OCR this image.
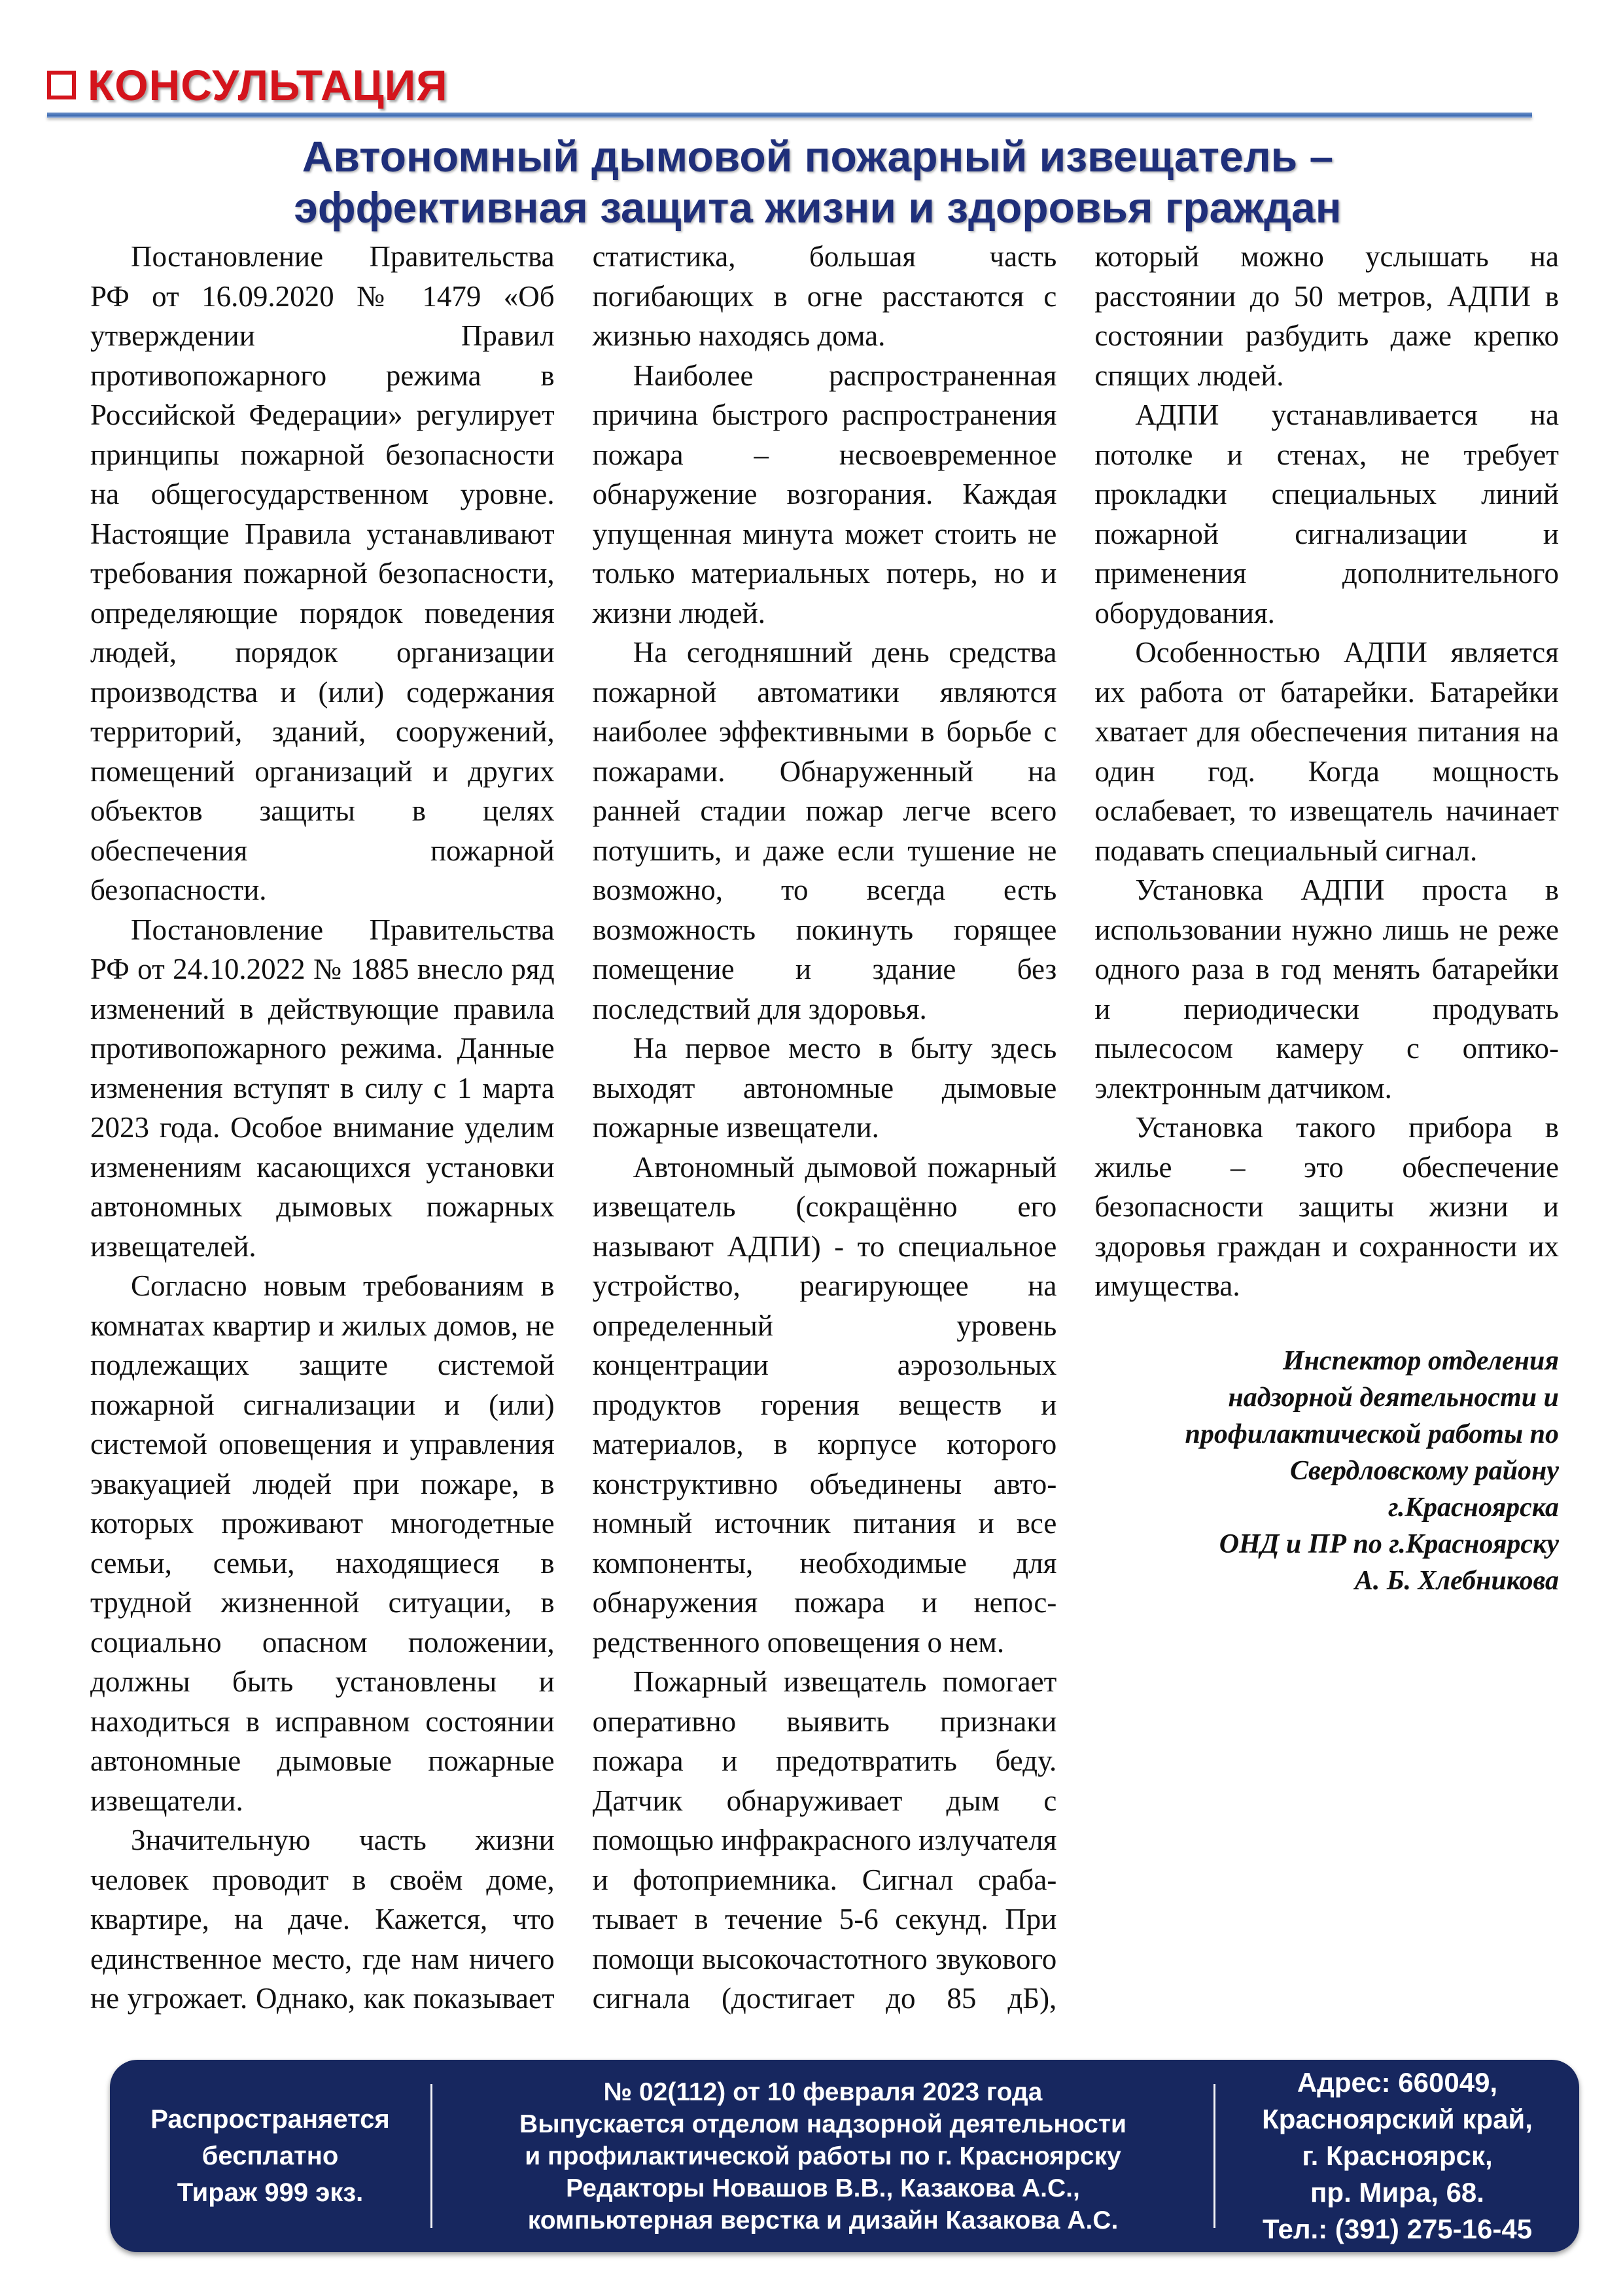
КОНСУЛЬТАЦИЯ
Автономный дымовой пожарный извещатель –
эффективная защита жизни и здоровья граждан

Постановление Правительства РФ от 16.09.2020 № 1479 «Об утверждении Правил противопожарного режима в Российской Федерации» регулирует принципы пожарной безопасности на общегосударственном уровне. Настоящие Правила устанавливают требования пожарной безопасности, определяющие порядок поведения людей, порядок организации производства и (или) содержания территорий, зданий, сооружений, помещений организаций и других объектов защиты в целях обеспечения пожарной безопасности.

Постановление Правительства РФ от 24.10.2022 № 1885 внесло ряд изменений в действующие правила противопожарного режима. Данные изменения вступят в силу с 1 марта 2023 года. Особое внимание уделим изменениям касающихся установки автономных дымовых пожарных извещателей.

Согласно новым требованиям в комнатах квартир и жилых домов, не подлежащих защите системой пожарной сигнализации и (или) системой оповещения и управления эвакуацией людей при пожаре, в которых проживают многодетные семьи, семьи, находящиеся в трудной жизненной ситуации, в социально опасном положении, должны быть установлены и находиться в исправном состоянии автономные дымовые пожарные извещатели.

Значительную часть жизни человек проводит в своём доме, квартире, на даче. Кажется, что единственное место, где нам ничего не угрожает. Однако, как показывает статистика, большая часть погибающих в огне расстаются с жизнью находясь дома.

Наиболее распространенная причина быстрого распространения пожара – несвоевременное обнаружение возгорания. Каждая упущенная минута может стоить не только материальных потерь, но и жизни людей.

На сегодняшний день средства пожарной автоматики являются наиболее эффективными в борьбе с пожарами. Обнаруженный на ранней стадии пожар легче всего потушить, и даже если тушение не возможно, то всегда есть возможность покинуть горящее помещение и здание без последствий для здоровья.

На первое место в быту здесь выходят автономные дымовые пожарные извещатели.

Автономный дымовой пожарный извещатель (сокращённо его называют АДПИ) - то специальное устройство, реагирующее на определенный уровень концентрации аэрозольных продуктов горения веществ и материалов, в корпусе которого конструктивно объединены автономный источник питания и все компоненты, необходимые для обнаружения пожара и непосредственного оповещения о нем.

Пожарный извещатель помогает оперативно выявить признаки пожара и предотвратить беду. Датчик обнаруживает дым с помощью инфракрасного излучателя и фотоприемника. Сигнал срабатывает в течение 5-6 секунд. При помощи высокочастотного звукового сигнала (достигает до 85 дБ), который можно услышать на расстоянии до 50 метров, АДПИ в состоянии разбудить даже крепко спящих людей.

АДПИ устанавливается на потолке и стенах, не требует прокладки специальных линий пожарной сигнализации и применения дополнительного оборудования.

Особенностью АДПИ является их работа от батарейки. Батарейки хватает для обеспечения питания на один год. Когда мощность ослабевает, то извещатель начинает подавать специальный сигнал.

Установка АДПИ проста в использовании нужно лишь не реже одного раза в год менять батарейки и периодически продувать пылесосом камеру с оптико-электронным датчиком.

Установка такого прибора в жилье – это обеспечение безопасности защиты жизни и здоровья граждан и сохранности их имущества.

Инспектор отделения
надзорной деятельности и
профилактической работы по
Свердловскому району
г.Красноярска
ОНД и ПР по г.Красноярску
А. Б. Хлебникова
Распространяется
бесплатно
Тираж 999 экз.
№ 02(112) от 10 февраля 2023 года
Выпускается отделом надзорной деятельности
и профилактической работы по г. Красноярску
Редакторы Новашов В.В., Казакова А.С.,
компьютерная верстка и дизайн Казакова А.С.
Адрес: 660049,
Красноярский край,
г. Красноярск,
пр. Мира, 68.
Тел.: (391) 275-16-45
